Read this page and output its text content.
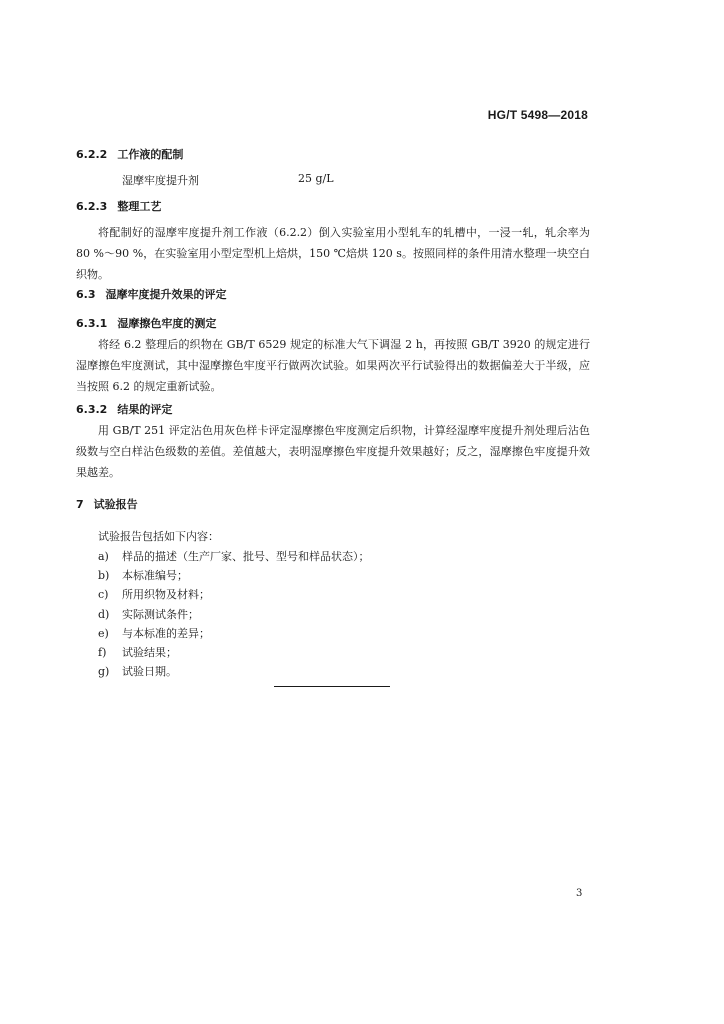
HG/T 5498—2018
6.2.2 工作液的配制
湿摩牢度提升剂	25 g/L
6.2.3 整理工艺
将配制好的湿摩牢度提升剂工作液（6.2.2）倒入实验室用小型轧车的轧槽中，一浸一轧，轧余率为 80 %～90 %，在实验室用小型定型机上焙烘，150 ℃焙烘 120 s。按照同样的条件用清水整理一块空白织物。
6.3 湿摩牢度提升效果的评定
6.3.1 湿摩擦色牢度的测定
将经 6.2 整理后的织物在 GB/T 6529 规定的标准大气下调湿 2 h，再按照 GB/T 3920 的规定进行湿摩擦色牢度测试，其中湿摩擦色牢度平行做两次试验。如果两次平行试验得出的数据偏差大于半级，应当按照 6.2 的规定重新试验。
6.3.2 结果的评定
用 GB/T 251 评定沾色用灰色样卡评定湿摩擦色牢度测定后织物，计算经湿摩牢度提升剂处理后沾色级数与空白样沾色级数的差值。差值越大，表明湿摩擦色牢度提升效果越好；反之，湿摩擦色牢度提升效果越差。
7 试验报告
试验报告包括如下内容：
a) 样品的描述（生产厂家、批号、型号和样品状态）；
b) 本标准编号；
c) 所用织物及材料；
d) 实际测试条件；
e) 与本标准的差异；
f) 试验结果；
g) 试验日期。
3
